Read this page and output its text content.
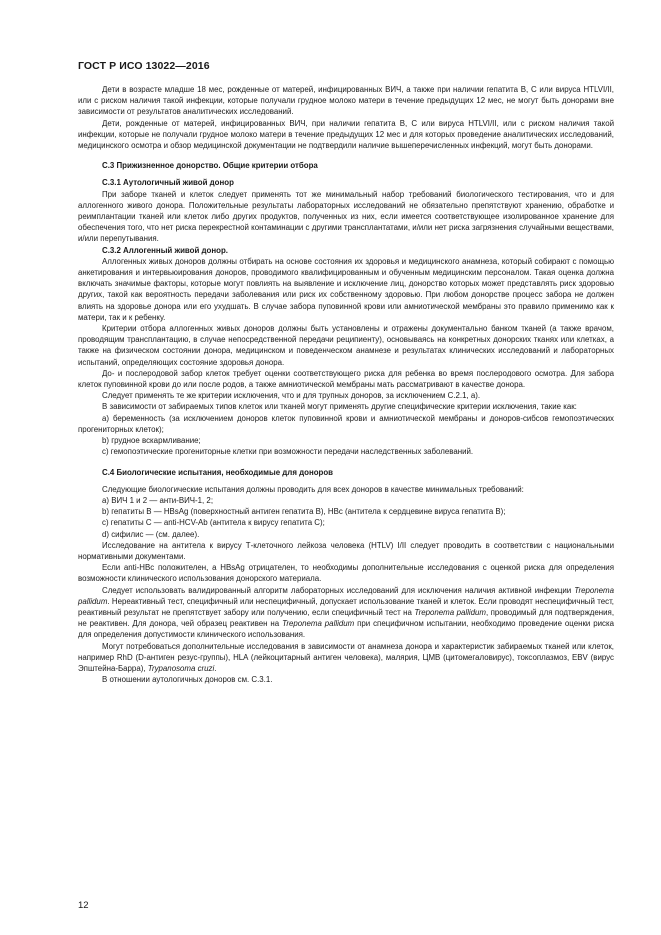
ГОСТ Р ИСО 13022—2016

Дети в возрасте младше 18 мес, рожденные от матерей, инфицированных ВИЧ, а также при наличии гепатита В, С или вируса HTLVI/II, или с риском наличия такой инфекции, которые получали грудное молоко матери в течение предыдущих 12 мес, не могут быть донорами вне зависимости от результатов аналитических исследований.

Дети, рожденные от матерей, инфицированных ВИЧ, при наличии гепатита В, С или вируса HTLVI/II, или с риском наличия такой инфекции, которые не получали грудное молоко матери в течение предыдущих 12 мес и для которых проведение аналитических исследований, медицинского осмотра и обзор медицинской документации не подтвердили наличие вышеперечисленных инфекций, могут быть донорами.

С.3 Прижизненное донорство. Общие критерии отбора

С.3.1 Аутологичный живой донор

При заборе тканей и клеток следует применять тот же минимальный набор требований биологического тестирования, что и для аллогенного живого донора. Положительные результаты лабораторных исследований не обязательно препятствуют хранению, обработке и реимплантации тканей или клеток либо других продуктов, полученных из них, если имеется соответствующее изолированное хранение для обеспечения того, что нет риска перекрестной контаминации с другими трансплантатами, и/или нет риска загрязнения случайными веществами, и/или перепутывания.

С.3.2 Аллогенный живой донор.

Аллогенных живых доноров должны отбирать на основе состояния их здоровья и медицинского анамнеза, который собирают с помощью анкетирования и интервьюирования доноров, проводимого квалифицированным и обученным медицинским персоналом. Такая оценка должна включать значимые факторы, которые могут повлиять на выявление и исключение лиц, донорство которых может представлять риск здоровью других, такой как вероятность передачи заболевания или риск их собственному здоровью. При любом донорстве процесс забора не должен влиять на здоровье донора или его ухудшать. В случае забора пуповинной крови или амниотической мембраны это правило применимо как к матери, так и к ребенку.

Критерии отбора аллогенных живых доноров должны быть установлены и отражены документально банком тканей (а также врачом, проводящим трансплантацию, в случае непосредственной передачи реципиенту), основываясь на конкретных донорских тканях или клетках, а также на физическом состоянии донора, медицинском и поведенческом анамнезе и результатах клинических исследований и лабораторных испытаний, определяющих состояние здоровья донора.

До- и послеродовой забор клеток требует оценки соответствующего риска для ребенка во время послеродового осмотра. Для забора клеток пуповинной крови до или после родов, а также амниотической мембраны мать рассматривают в качестве донора.

Следует применять те же критерии исключения, что и для трупных доноров, за исключением С.2.1, а).

В зависимости от забираемых типов клеток или тканей могут применять другие специфические критерии исключения, такие как:

а) беременность (за исключением доноров клеток пуповинной крови и амниотической мембраны и доноров-сибсов гемопоэтических прогениторных клеток);

b) грудное вскармливание;

с) гемопоэтические прогениторные клетки при возможности передачи наследственных заболеваний.

С.4 Биологические испытания, необходимые для доноров

Следующие биологические испытания должны проводить для всех доноров в качестве минимальных требований:

а) ВИЧ 1 и 2 — анти-ВИЧ-1, 2;

b) гепатиты В — HBsAg (поверхностный антиген гепатита В), HBc (антитела к сердцевине вируса гепатита В);

с) гепатиты С — anti-HCV-Ab (антитела к вирусу гепатита С);

d) сифилис — (см. далее).

Исследование на антитела к вирусу Т-клеточного лейкоза человека (HTLV) I/II следует проводить в соответствии с национальными нормативными документами.

Если anti-HBc положителен, а HBsAg отрицателен, то необходимы дополнительные исследования с оценкой риска для определения возможности клинического использования донорского материала.

Следует использовать валидированный алгоритм лабораторных исследований для исключения наличия активной инфекции Treponema pallidum. Нереактивный тест, специфичный или неспецифичный, допускает использование тканей и клеток. Если проводят неспецифичный тест, реактивный результат не препятствует забору или получению, если специфичный тест на Treponema pallidum, проводимый для подтверждения, не реактивен. Для донора, чей образец реактивен на Treponema pallidum при специфичном испытании, необходимо проведение оценки риска для определения допустимости клинического использования.

Могут потребоваться дополнительные исследования в зависимости от анамнеза донора и характеристик забираемых тканей или клеток, например RhD (D-антиген резус-группы), HLA (лейкоцитарный антиген человека), малярия, ЦМВ (цитомегаловирус), токсоплазмоз, EBV (вирус Эпштейна-Барра), Trypanosoma cruzi.

В отношении аутологичных доноров см. С.3.1.

12
